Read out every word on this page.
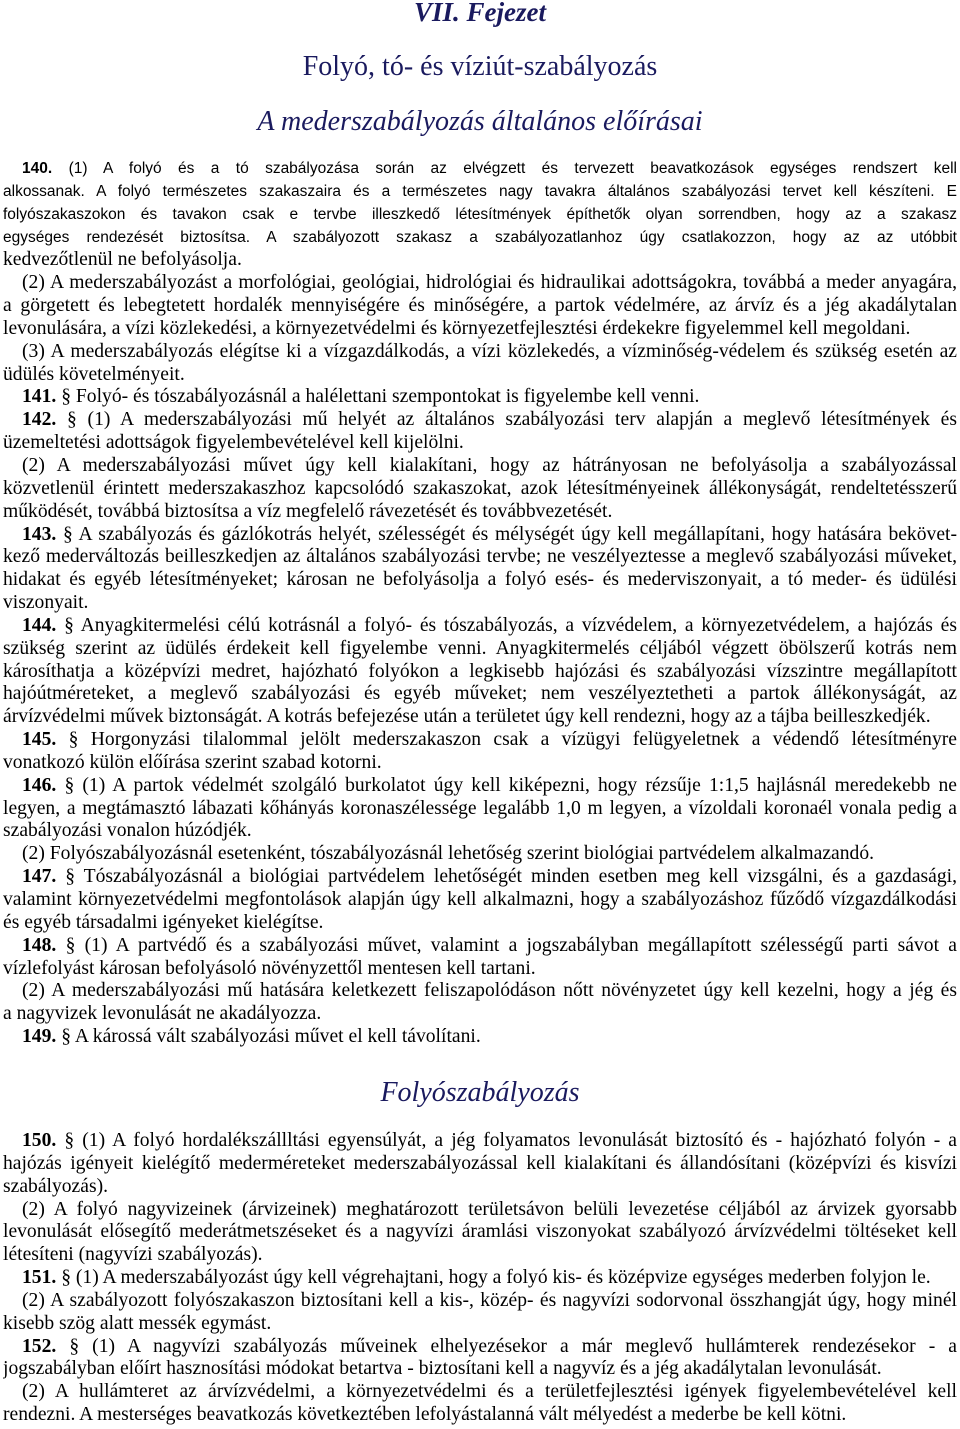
VII. Fejezet
Folyó, tó- és víziút-szabályozás
A mederszabályozás általános előírásai
140. (1) A folyó és a tó szabályozása során az elvégzett és tervezett beavatkozások egységes rendszert kell
alkossanak. A folyó természetes szakaszaira és a természetes nagy tavakra általános szabályozási tervet kell készíteni. E
folyószakaszokon és tavakon csak e tervbe illeszkedő létesítmények építhetők olyan sorrendben, hogy az a szakasz
egységes rendezését biztosítsa. A szabályozott szakasz a szabályozatlanhoz úgy csatlakozzon, hogy az az utóbbit
kedvezőtlenül ne befolyásolja.
(2) A mederszabályozást a morfológiai, geológiai, hidrológiai és hidraulikai adottságokra, továbbá a meder anyagára,
a görgetett és lebegtetett hordalék mennyiségére és minőségére, a partok védelmére, az árvíz és a jég akadálytalan
levonulására, a vízi közlekedési, a környezetvédelmi és környezetfejlesztési érdekekre figyelemmel kell megoldani.
(3) A mederszabályozás elégítse ki a vízgazdálkodás, a vízi közlekedés, a vízminőség-védelem és szükség esetén az
üdülés követelményeit.
141. § Folyó- és tószabályozásnál a halélettani szempontokat is figyelembe kell venni.
142. § (1) A mederszabályozási mű helyét az általános szabályozási terv alapján a meglevő létesítmények és
üzemeltetési adottságok figyelembevételével kell kijelölni.
(2) A mederszabályozási művet úgy kell kialakítani, hogy az hátrányosan ne befolyásolja a szabályozással
közvetlenül érintett mederszakaszhoz kapcsolódó szakaszokat, azok létesítményeinek állékonyságát, rendeltetésszerű
működését, továbbá biztosítsa a víz megfelelő rávezetését és továbbvezetését.
143. § A szabályozás és gázlókotrás helyét, szélességét és mélységét úgy kell megállapítani, hogy hatására bekövet-
kező mederváltozás beilleszkedjen az általános szabályozási tervbe; ne veszélyeztesse a meglevő szabályozási műveket,
hidakat és egyéb létesítményeket; károsan ne befolyásolja a folyó esés- és mederviszonyait, a tó meder- és üdülési
viszonyait.
144. § Anyagkitermelési célú kotrásnál a folyó- és tószabályozás, a vízvédelem, a környezetvédelem, a hajózás és
szükség szerint az üdülés érdekeit kell figyelembe venni. Anyagkitermelés céljából végzett öbölszerű kotrás nem
károsíthatja a középvízi medret, hajózható folyókon a legkisebb hajózási és szabályozási vízszintre megállapított
hajóútméreteket, a meglevő szabályozási és egyéb műveket; nem veszélyeztetheti a partok állékonyságát, az
árvízvédelmi művek biztonságát. A kotrás befejezése után a területet úgy kell rendezni, hogy az a tájba beilleszkedjék.
145. § Horgonyzási tilalommal jelölt mederszakaszon csak a vízügyi felügyeletnek a védendő létesítményre
vonatkozó külön előírása szerint szabad kotorni.
146. § (1) A partok védelmét szolgáló burkolatot úgy kell kiképezni, hogy rézsűje 1:1,5 hajlásnál meredekebb ne
legyen, a megtámasztó lábazati kőhányás koronaszélessége legalább 1,0 m legyen, a vízoldali koronaél vonala pedig a
szabályozási vonalon húzódjék.
(2) Folyószabályozásnál esetenként, tószabályozásnál lehetőség szerint biológiai partvédelem alkalmazandó.
147. § Tószabályozásnál a biológiai partvédelem lehetőségét minden esetben meg kell vizsgálni, és a gazdasági,
valamint környezetvédelmi megfontolások alapján úgy kell alkalmazni, hogy a szabályozáshoz fűződő vízgazdálkodási
és egyéb társadalmi igényeket kielégítse.
148. § (1) A partvédő és a szabályozási művet, valamint a jogszabályban megállapított szélességű parti sávot a
vízlefolyást károsan befolyásoló növényzettől mentesen kell tartani.
(2) A mederszabályozási mű hatására keletkezett feliszapolódáson nőtt növényzetet úgy kell kezelni, hogy a jég és
a nagyvizek levonulását ne akadályozza.
149. § A károssá vált szabályozási művet el kell távolítani.
Folyószabályozás
150. § (1) A folyó hordalékszállltási egyensúlyát, a jég folyamatos levonulását biztosító és - hajózható folyón - a
hajózás igényeit kielégítő mederméreteket mederszabályozással kell kialakítani és állandósítani (középvízi és kisvízi
szabályozás).
(2) A folyó nagyvizeinek (árvizeinek) meghatározott területsávon belüli levezetése céljából az árvizek gyorsabb
levonulását elősegítő mederátmetszéseket és a nagyvízi áramlási viszonyokat szabályozó árvízvédelmi töltéseket kell
létesíteni (nagyvízi szabályozás).
151. § (1) A mederszabályozást úgy kell végrehajtani, hogy a folyó kis- és középvize egységes mederben folyjon le.
(2) A szabályozott folyószakaszon biztosítani kell a kis-, közép- és nagyvízi sodorvonal összhangját úgy, hogy minél
kisebb szög alatt messék egymást.
152. § (1) A nagyvízi szabályozás műveinek elhelyezésekor a már meglevő hullámterek rendezésekor - a
jogszabályban előírt hasznosítási módokat betartva - biztosítani kell a nagyvíz és a jég akadálytalan levonulását.
(2) A hullámteret az árvízvédelmi, a környezetvédelmi és a területfejlesztési igények figyelembevételével kell
rendezni. A mesterséges beavatkozás következtében lefolyástalanná vált mélyedést a mederbe be kell kötni.
